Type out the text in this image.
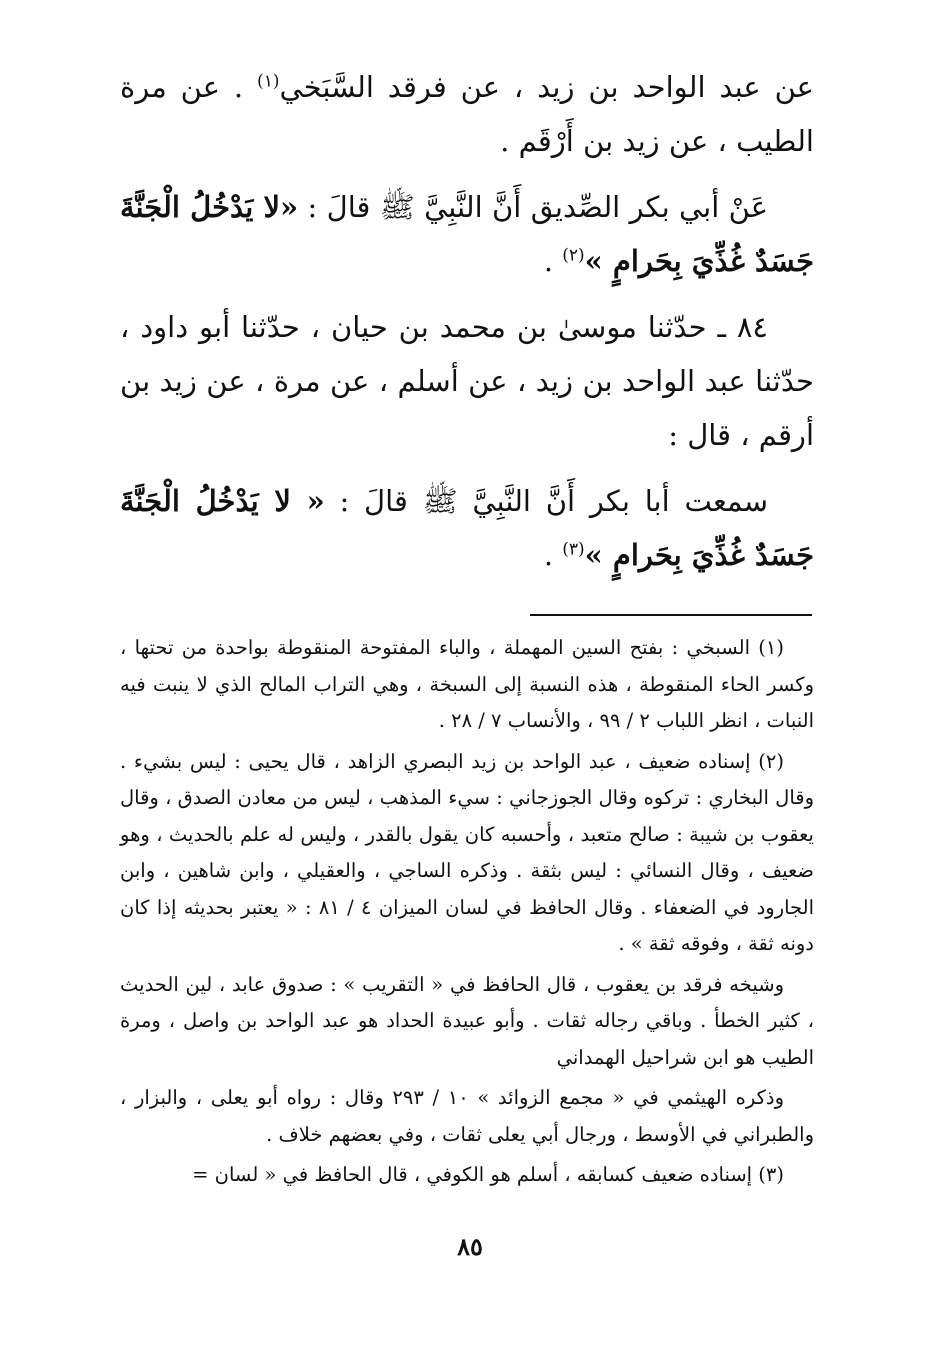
عن عبد الواحد بن زيد ، عن فرقد السَّبَخي$^{(١)}$ . عن مرة الطيب ، عن زيد بن أَرْقَم .

عَنْ أبي بكر الصِّديق أَنَّ النَّبِيَّ ﷺ قالَ : «لا يَدْخُلُ الْجَنَّةَ جَسَدٌ غُذِّيَ بِحَرامٍ »$^{(٢)}$ .

٨٤ ـ حدّثنا موسىٰ بن محمد بن حيان ، حدّثنا أبو داود ، حدّثنا عبد الواحد بن زيد ، عن أسلم ، عن مرة ، عن زيد بن أرقم ، قال :

سمعت أبا بكر أَنَّ النَّبِيَّ ﷺ قالَ : « لا يَدْخُلُ الْجَنَّةَ جَسَدٌ غُذِّيَ بِحَرامٍ »$^{(٣)}$ .

(١) السبخي : بفتح السين المهملة ، والباء المفتوحة المنقوطة بواحدة من تحتها ، وكسر الحاء المنقوطة ، هذه النسبة إلى السبخة ، وهي التراب المالح الذي لا ينبت فيه النبات ، انظر اللباب ٢ / ٩٩ ، والأنساب ٧ / ٢٨ .

(٢) إسناده ضعيف ، عبد الواحد بن زيد البصري الزاهد ، قال يحيى : ليس بشيء . وقال البخاري : تركوه وقال الجوزجاني : سيء المذهب ، ليس من معادن الصدق ، وقال يعقوب بن شيبة : صالح متعبد ، وأحسبه كان يقول بالقدر ، وليس له علم بالحديث ، وهو ضعيف ، وقال النسائي : ليس بثقة . وذكره الساجي ، والعقيلي ، وابن شاهين ، وابن الجارود في الضعفاء . وقال الحافظ في لسان الميزان ٤ / ٨١ : « يعتبر بحديثه إذا كان دونه ثقة ، وفوقه ثقة » .

وشيخه فرقد بن يعقوب ، قال الحافظ في « التقريب » : صدوق عابد ، لين الحديث ، كثير الخطأ . وباقي رجاله ثقات . وأبو عبيدة الحداد هو عبد الواحد بن واصل ، ومرة الطيب هو ابن شراحيل الهمداني

وذكره الهيثمي في « مجمع الزوائد » ١٠ / ٢٩٣ وقال : رواه أبو يعلى ، والبزار ، والطبراني في الأوسط ، ورجال أبي يعلى ثقات ، وفي بعضهم خلاف .

(٣) إسناده ضعيف كسابقه ، أسلم هو الكوفي ، قال الحافظ في « لسان =

٨٥
